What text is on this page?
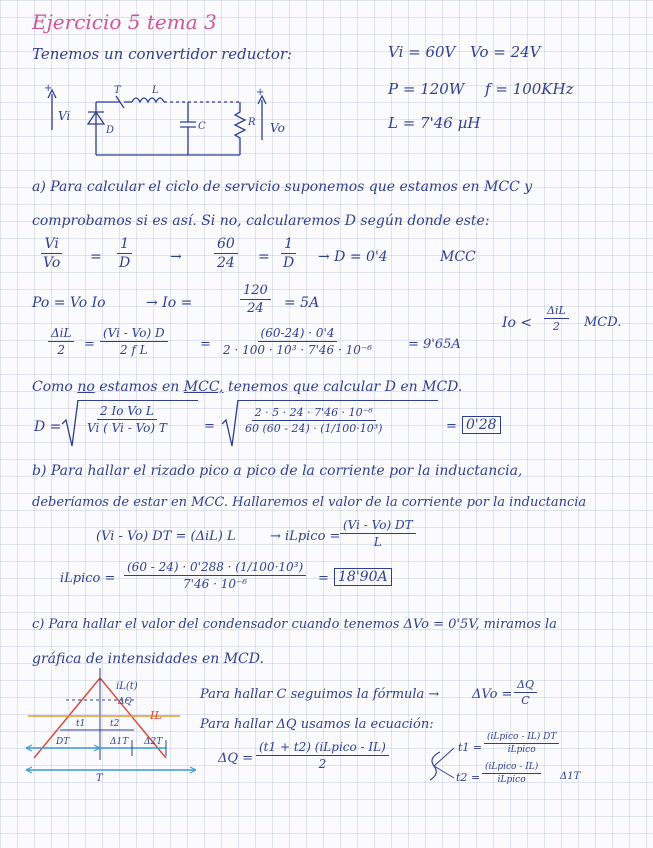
Ejercicio 5 tema 3
Tenemos un convertidor reductor:	Vi = 60V Vo = 24V
P = 120W f = 100KHz
L = 7'46 µH
+
Vi
T	L
D	C	R
+
Vo
a) Para calcular el ciclo de servicio suponemos que estamos en MCC y
comprobamos si es así. Si no, calcularemos D según donde este:
$\frac{Vi}{Vo} = \frac{1}{D}$	→ $\frac{60}{24} = \frac{1}{D} \to D = 0'4$	MCC
Po = Vo Io	→ Io =	$\frac{120}{24} = 5A$
Io <
ΔiL
2 MCD.
ΔiL
$2 = \frac{(Vi - Vo) D}{\text{2 f L}} = \frac{(60-24) \cdot 0'4}{\text{2 · 100 · 10³ · 7'46 · 10⁻⁶}}$	= 9'65A
Como no estamos en MCC, tenemos que calcular D en MCD.
$D = \frac{\text{2 Io Vo L}}{Vi ( Vi - Vo) T}$	= $\frac{\text{2 · 5 · 24 · 7'46 · 10⁻⁶}}{\text{60 (60 - 24) · (1/100·10³)}}$	= 0'28
b) Para hallar el rizado pico a pico de la corriente por la inductancia,
deberíamos de estar en MCC. Hallaremos el valor de la corriente por la inductancia
(Vi - Vo) DT = (ΔiL) L	→ iLpico = $\frac{(Vi - Vo) DT}{L}$
iLpico = $\frac{\text{(60 - 24) · 0'288 · (1/100·10³)}}{\text{7'46 · 10⁻⁶}} = 18'90A$
c) Para hallar el valor del condensador cuando tenemos ΔVo = 0'5V, miramos la
gráfica de intensidades en MCD.
Para hallar C seguimos la fórmula →	$\Delta Vo = \frac{\Delta Q}{C}$
Para hallar ΔQ usamos la ecuación:
ΔQ =
(t1 + t2) (iLpico - IL)
2
t1 =
(iLpico - IL) DT
iLpico
t2 =
(iLpico - IL)
iLpico	Δ1T
iL(t)
ΔQ
IL
t1	t2
DT	Δ1T Δ2T
T
